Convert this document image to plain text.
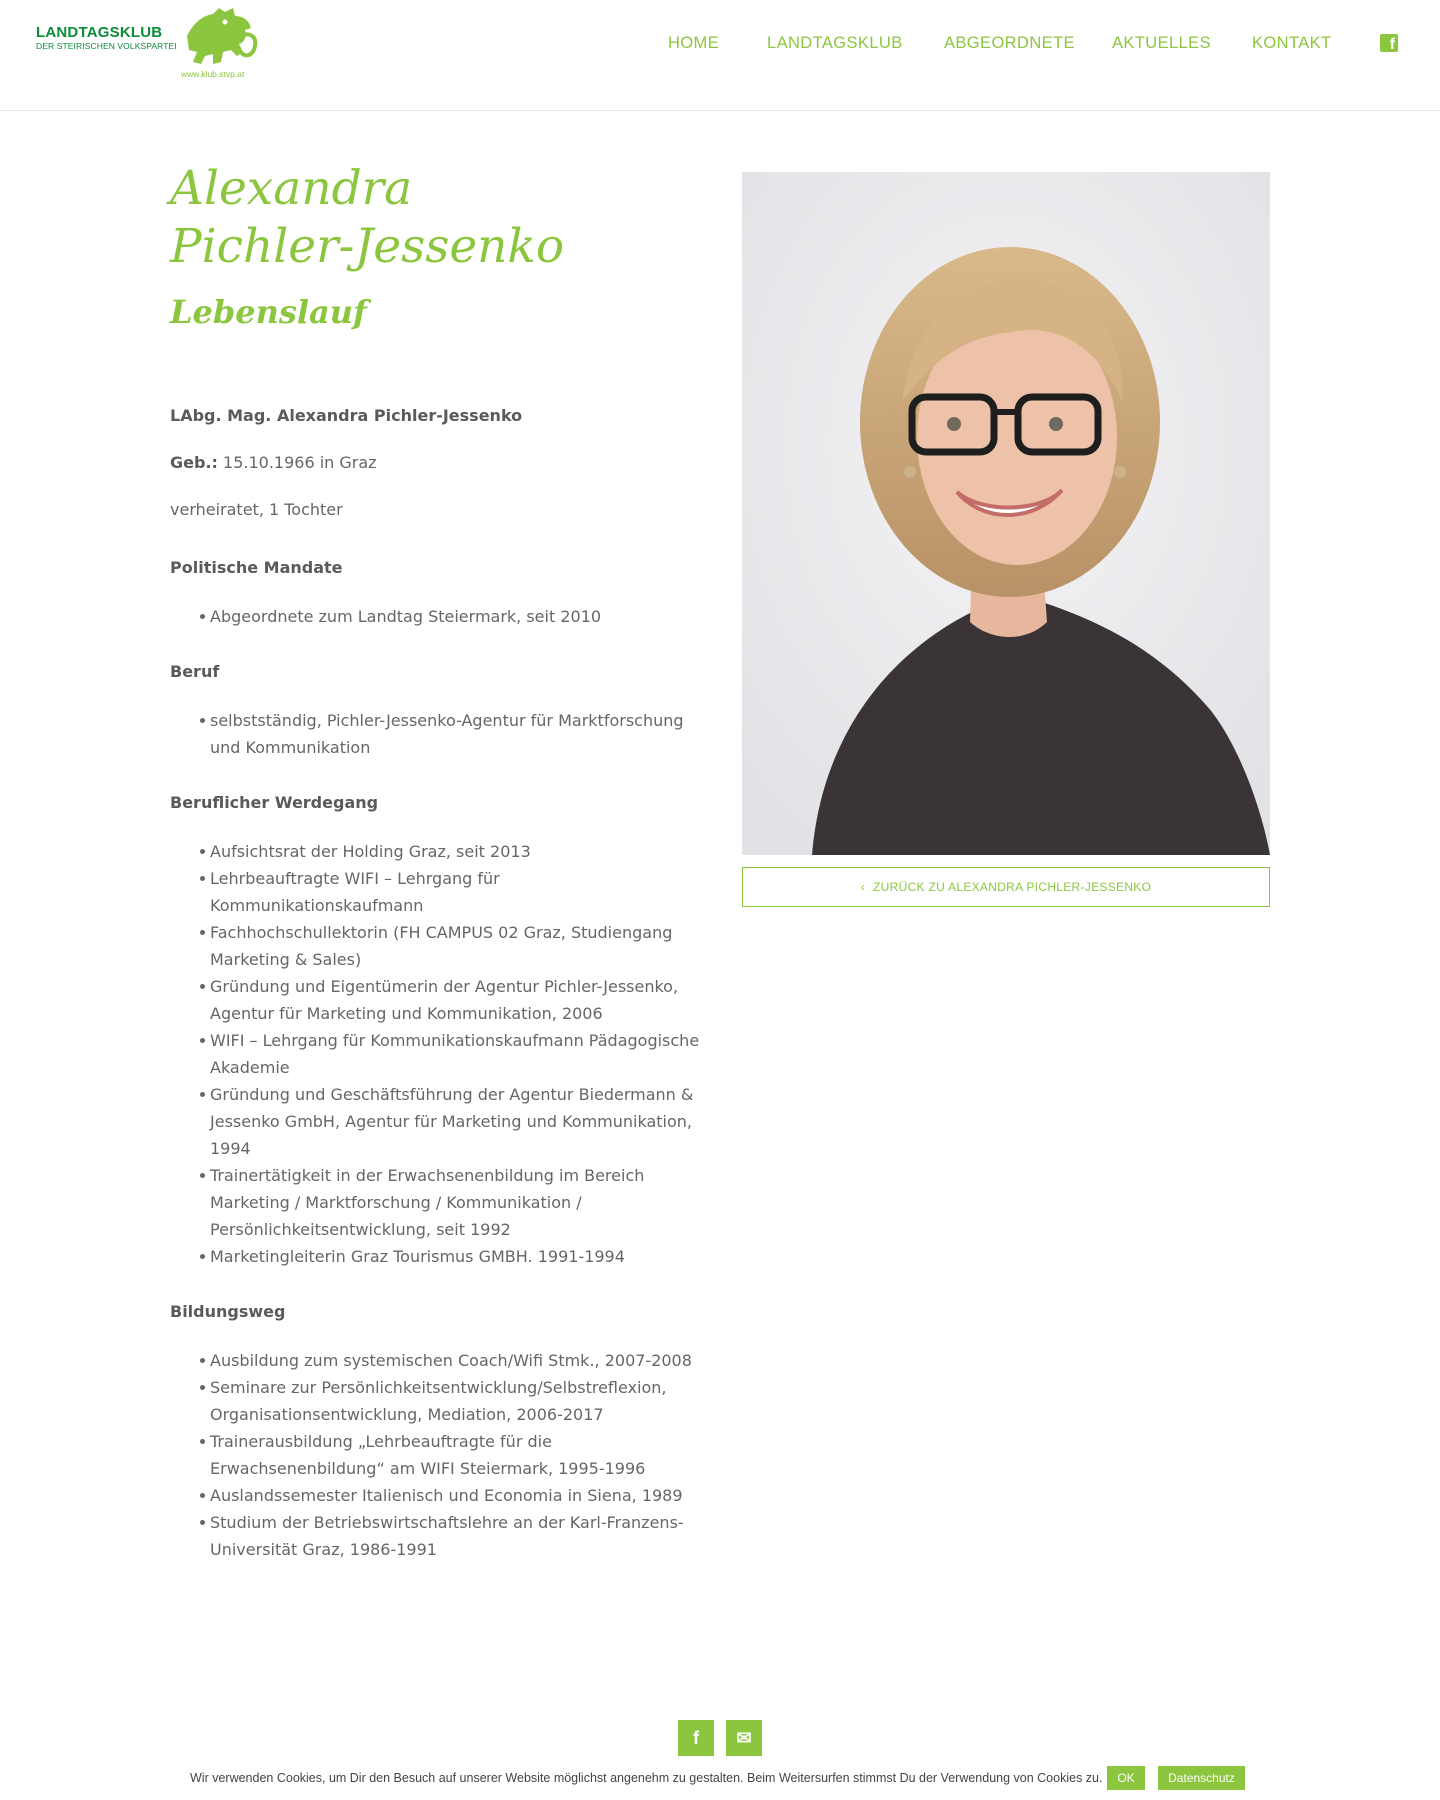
LANDTAGSKLUB
DER STEIRISCHEN VOLKSPARTEI
www.klub.stvp.at
HOME	LANDTAGSKLUB	ABGEORDNETE AKTUELLES KONTAKT	f
Alexandra Pichler-Jessenko
Lebenslauf
LAbg. Mag. Alexandra Pichler-Jessenko
Geb.: 15.10.1966 in Graz
verheiratet, 1 Tochter
Politische Mandate
Abgeordnete zum Landtag Steiermark, seit 2010
Beruf
selbstständig, Pichler-Jessenko-Agentur für Marktforschung und Kommunikation
Beruflicher Werdegang
Aufsichtsrat der Holding Graz, seit 2013
Lehrbeauftragte WIFI – Lehrgang für Kommunikationskaufmann
Fachhochschullektorin (FH CAMPUS 02 Graz, Studiengang Marketing & Sales)
Gründung und Eigentümerin der Agentur Pichler-Jessenko, Agentur für Marketing und Kommunikation, 2006
WIFI – Lehrgang für Kommunikationskaufmann Pädagogische Akademie
Gründung und Geschäftsführung der Agentur Biedermann & Jessenko GmbH, Agentur für Marketing und Kommunikation, 1994
Trainertätigkeit in der Erwachsenenbildung im Bereich Marketing / Marktforschung / Kommunikation / Persönlichkeitsentwicklung, seit 1992
Marketingleiterin Graz Tourismus GMBH. 1991-1994
Bildungsweg
Ausbildung zum systemischen Coach/Wifi Stmk., 2007-2008
Seminare zur Persönlichkeitsentwicklung/Selbstreflexion, Organisationsentwicklung, Mediation, 2006-2017
Trainerausbildung „Lehrbeauftragte für die Erwachsenenbildung“ am WIFI Steiermark, 1995-1996
Auslandssemester Italienisch und Economia in Siena, 1989
Studium der Betriebswirtschaftslehre an der Karl-Franzens-Universität Graz, 1986-1991
‹ ZURÜCK ZU ALEXANDRA PICHLER-JESSENKO
f	✉
Wir verwenden Cookies, um Dir den Besuch auf unserer Website möglichst angenehm zu gestalten. Beim Weitersurfen stimmst Du der Verwendung von Cookies zu.	OK	Datenschutz
